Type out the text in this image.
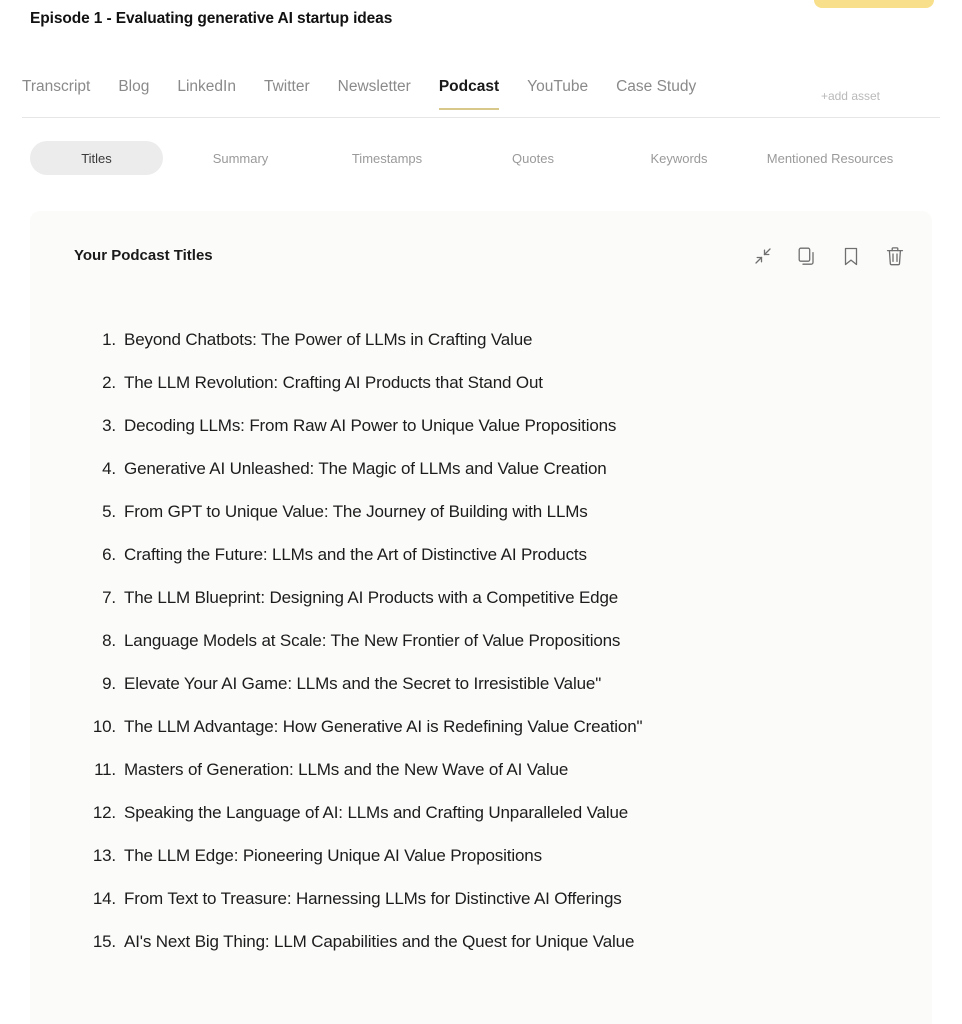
Episode 1 - Evaluating generative AI startup ideas
Transcript Blog LinkedIn Twitter Newsletter Podcast YouTube Case Study
+add asset
Titles	Summary	Timestamps	Quotes	Keywords	Mentioned Resources
Your Podcast Titles
1. Beyond Chatbots: The Power of LLMs in Crafting Value
2. The LLM Revolution: Crafting AI Products that Stand Out
3. Decoding LLMs: From Raw AI Power to Unique Value Propositions
4. Generative AI Unleashed: The Magic of LLMs and Value Creation
5. From GPT to Unique Value: The Journey of Building with LLMs
6. Crafting the Future: LLMs and the Art of Distinctive AI Products
7. The LLM Blueprint: Designing AI Products with a Competitive Edge
8. Language Models at Scale: The New Frontier of Value Propositions
9. Elevate Your AI Game: LLMs and the Secret to Irresistible Value"
10. The LLM Advantage: How Generative AI is Redefining Value Creation"
11. Masters of Generation: LLMs and the New Wave of AI Value
12. Speaking the Language of AI: LLMs and Crafting Unparalleled Value
13. The LLM Edge: Pioneering Unique AI Value Propositions
14. From Text to Treasure: Harnessing LLMs for Distinctive AI Offerings
15. AI's Next Big Thing: LLM Capabilities and the Quest for Unique Value
